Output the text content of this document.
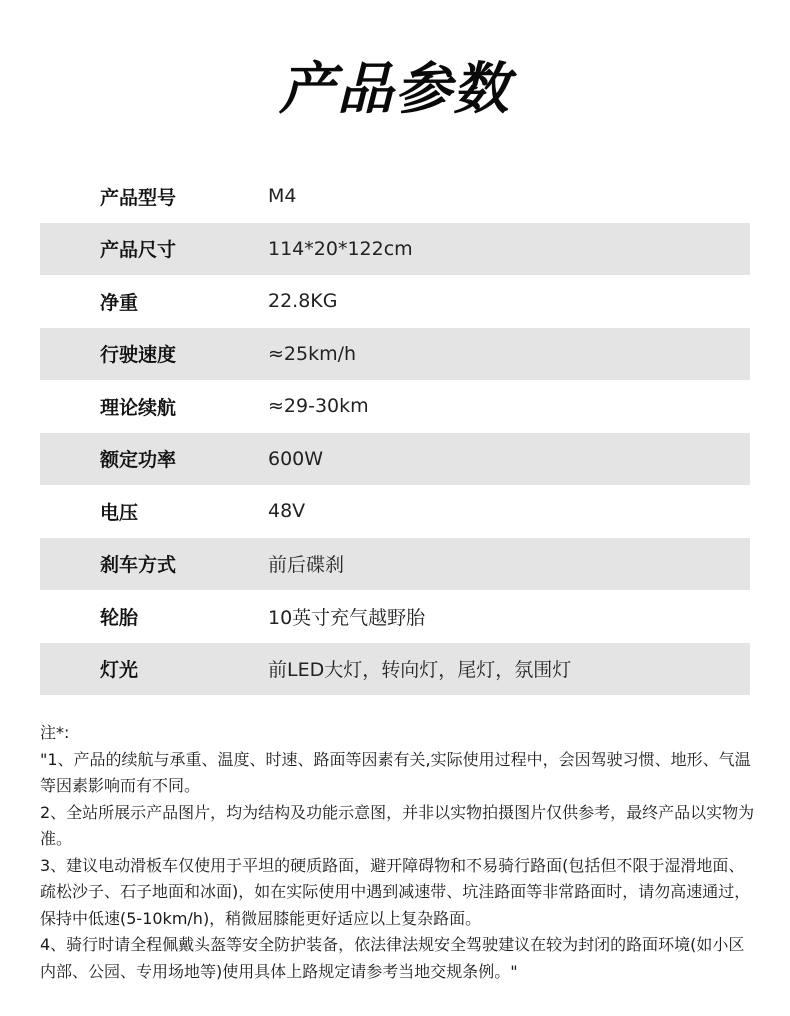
产品参数
产品型号	M4
产品尺寸	114*20*122cm
净重	22.8KG
行驶速度	≈25km/h
理论续航	≈29-30km
额定功率	600W
电压	48V
刹车方式	前后碟刹
轮胎	10英寸充气越野胎
灯光	前LED大灯，转向灯，尾灯，氛围灯

注*:

"1、产品的续航与承重、温度、时速、路面等因素有关,实际使用过程中，会因驾驶习惯、地形、气温等因素影响而有不同。

2、全站所展示产品图片，均为结构及功能示意图，并非以实物拍摄图片仅供参考，最终产品以实物为准。

3、建议电动滑板车仅使用于平坦的硬质路面，避开障碍物和不易骑行路面(包括但不限于湿滑地面、疏松沙子、石子地面和冰面)，如在实际使用中遇到减速带、坑洼路面等非常路面时，请勿高速通过，保持中低速(5-10km/h)，稍微屈膝能更好适应以上复杂路面。

4、骑行时请全程佩戴头盔等安全防护装备，依法律法规安全驾驶建议在较为封闭的路面环境(如小区内部、公园、专用场地等)使用具体上路规定请参考当地交规条例。"
